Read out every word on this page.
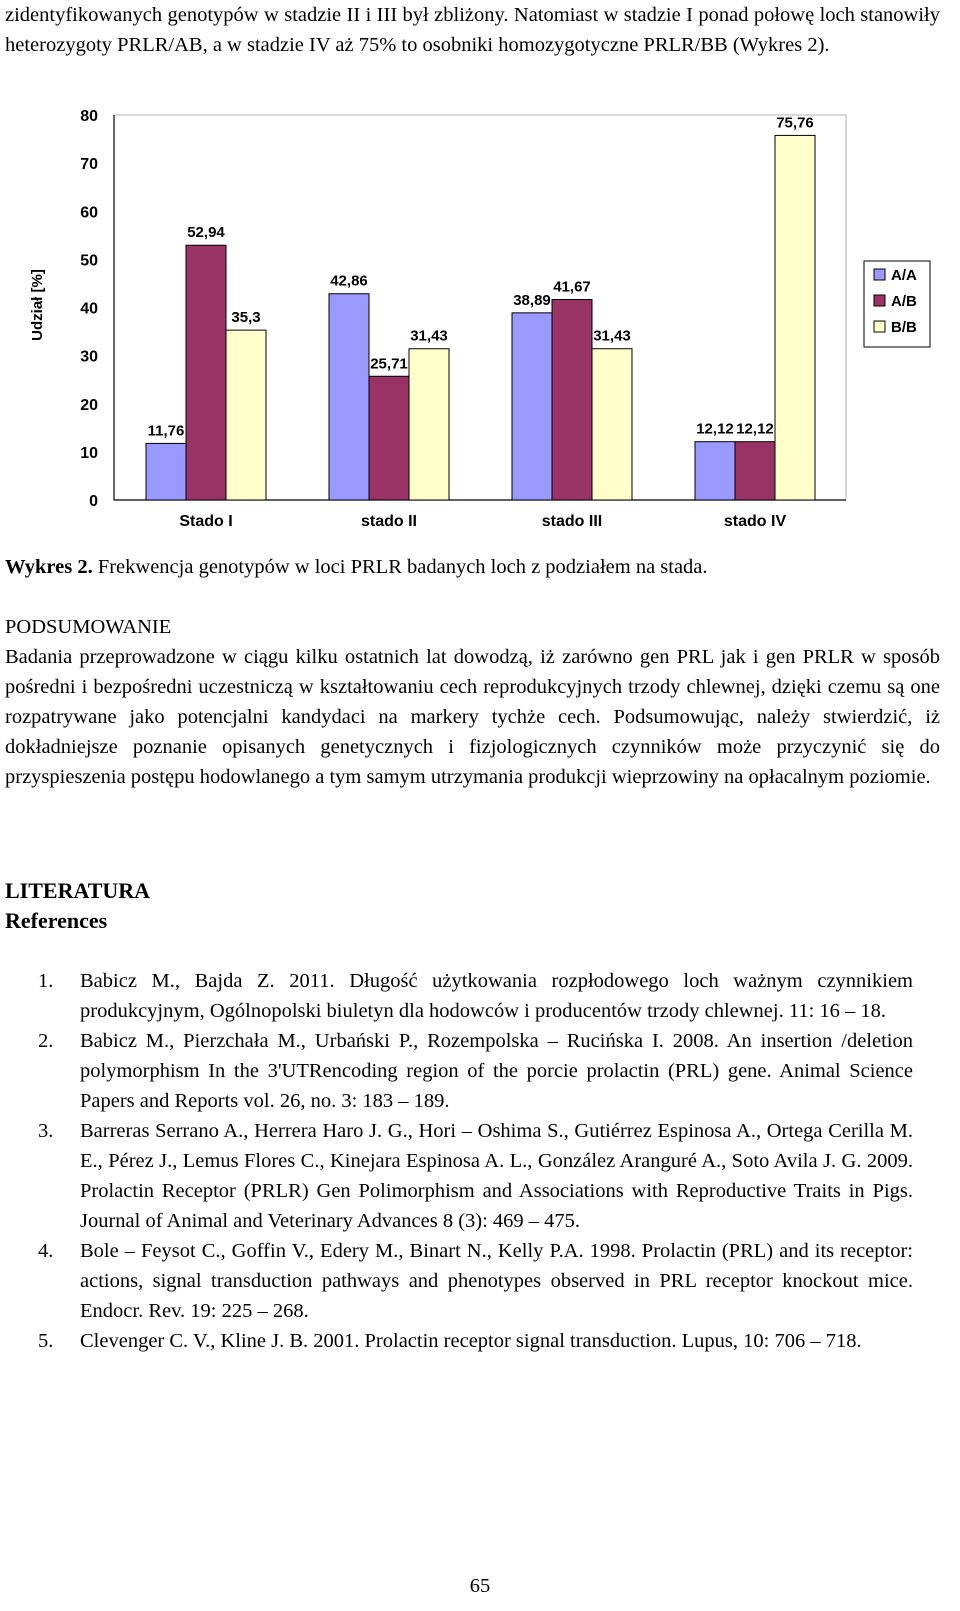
zidentyfikowanych genotypów w stadzie II i III był zbliżony. Natomiast w stadzie I ponad połowę loch stanowiły heterozygoty PRLR/AB, a w stadzie IV aż 75% to osobniki homozygotyczne PRLR/BB (Wykres 2).

0
10
20
30
40
50
60
70
80
Udział [%]
11,76
52,94
35,3
Stado I
42,86
25,71
31,43
stado II
38,89
41,67
31,43
stado III
12,12 12,12
75,76
stado IV
A/A
A/B
B/B
Wykres 2. Frekwencja genotypów w loci PRLR badanych loch z podziałem na stada.
PODSUMOWANIE

Badania przeprowadzone w ciągu kilku ostatnich lat dowodzą, iż zarówno gen PRL jak i gen PRLR w sposób pośredni i bezpośredni uczestniczą w kształtowaniu cech reprodukcyjnych trzody chlewnej, dzięki czemu są one rozpatrywane jako potencjalni kandydaci na markery tychże cech. Podsumowując, należy stwierdzić, iż dokładniejsze poznanie opisanych genetycznych i fizjologicznych czynników może przyczynić się do przyspieszenia postępu hodowlanego a tym samym utrzymania produkcji wieprzowiny na opłacalnym poziomie.

LITERATURA
References
1. Babicz M., Bajda Z. 2011. Długość użytkowania rozpłodowego loch ważnym czynnikiem produkcyjnym, Ogólnopolski biuletyn dla hodowców i producentów trzody chlewnej. 11: 16 – 18.
2. Babicz M., Pierzchała M., Urbański P., Rozempolska – Rucińska I. 2008. An insertion /deletion polymorphism In the 3'UTRencoding region of the porcie prolactin (PRL) gene. Animal Science Papers and Reports vol. 26, no. 3: 183 – 189.
3. Barreras Serrano A., Herrera Haro J. G., Hori – Oshima S., Gutiérrez Espinosa A., Ortega Cerilla M. E., Pérez J., Lemus Flores C., Kinejara Espinosa A. L., González Aranguré A., Soto Avila J. G. 2009. Prolactin Receptor (PRLR) Gen Polimorphism and Associations with Reproductive Traits in Pigs. Journal of Animal and Veterinary Advances 8 (3): 469 – 475.
4. Bole – Feysot C., Goffin V., Edery M., Binart N., Kelly P.A. 1998. Prolactin (PRL) and its receptor: actions, signal transduction pathways and phenotypes observed in PRL receptor knockout mice. Endocr. Rev. 19: 225 – 268.
5. Clevenger C. V., Kline J. B. 2001. Prolactin receptor signal transduction. Lupus, 10: 706 – 718.
65
